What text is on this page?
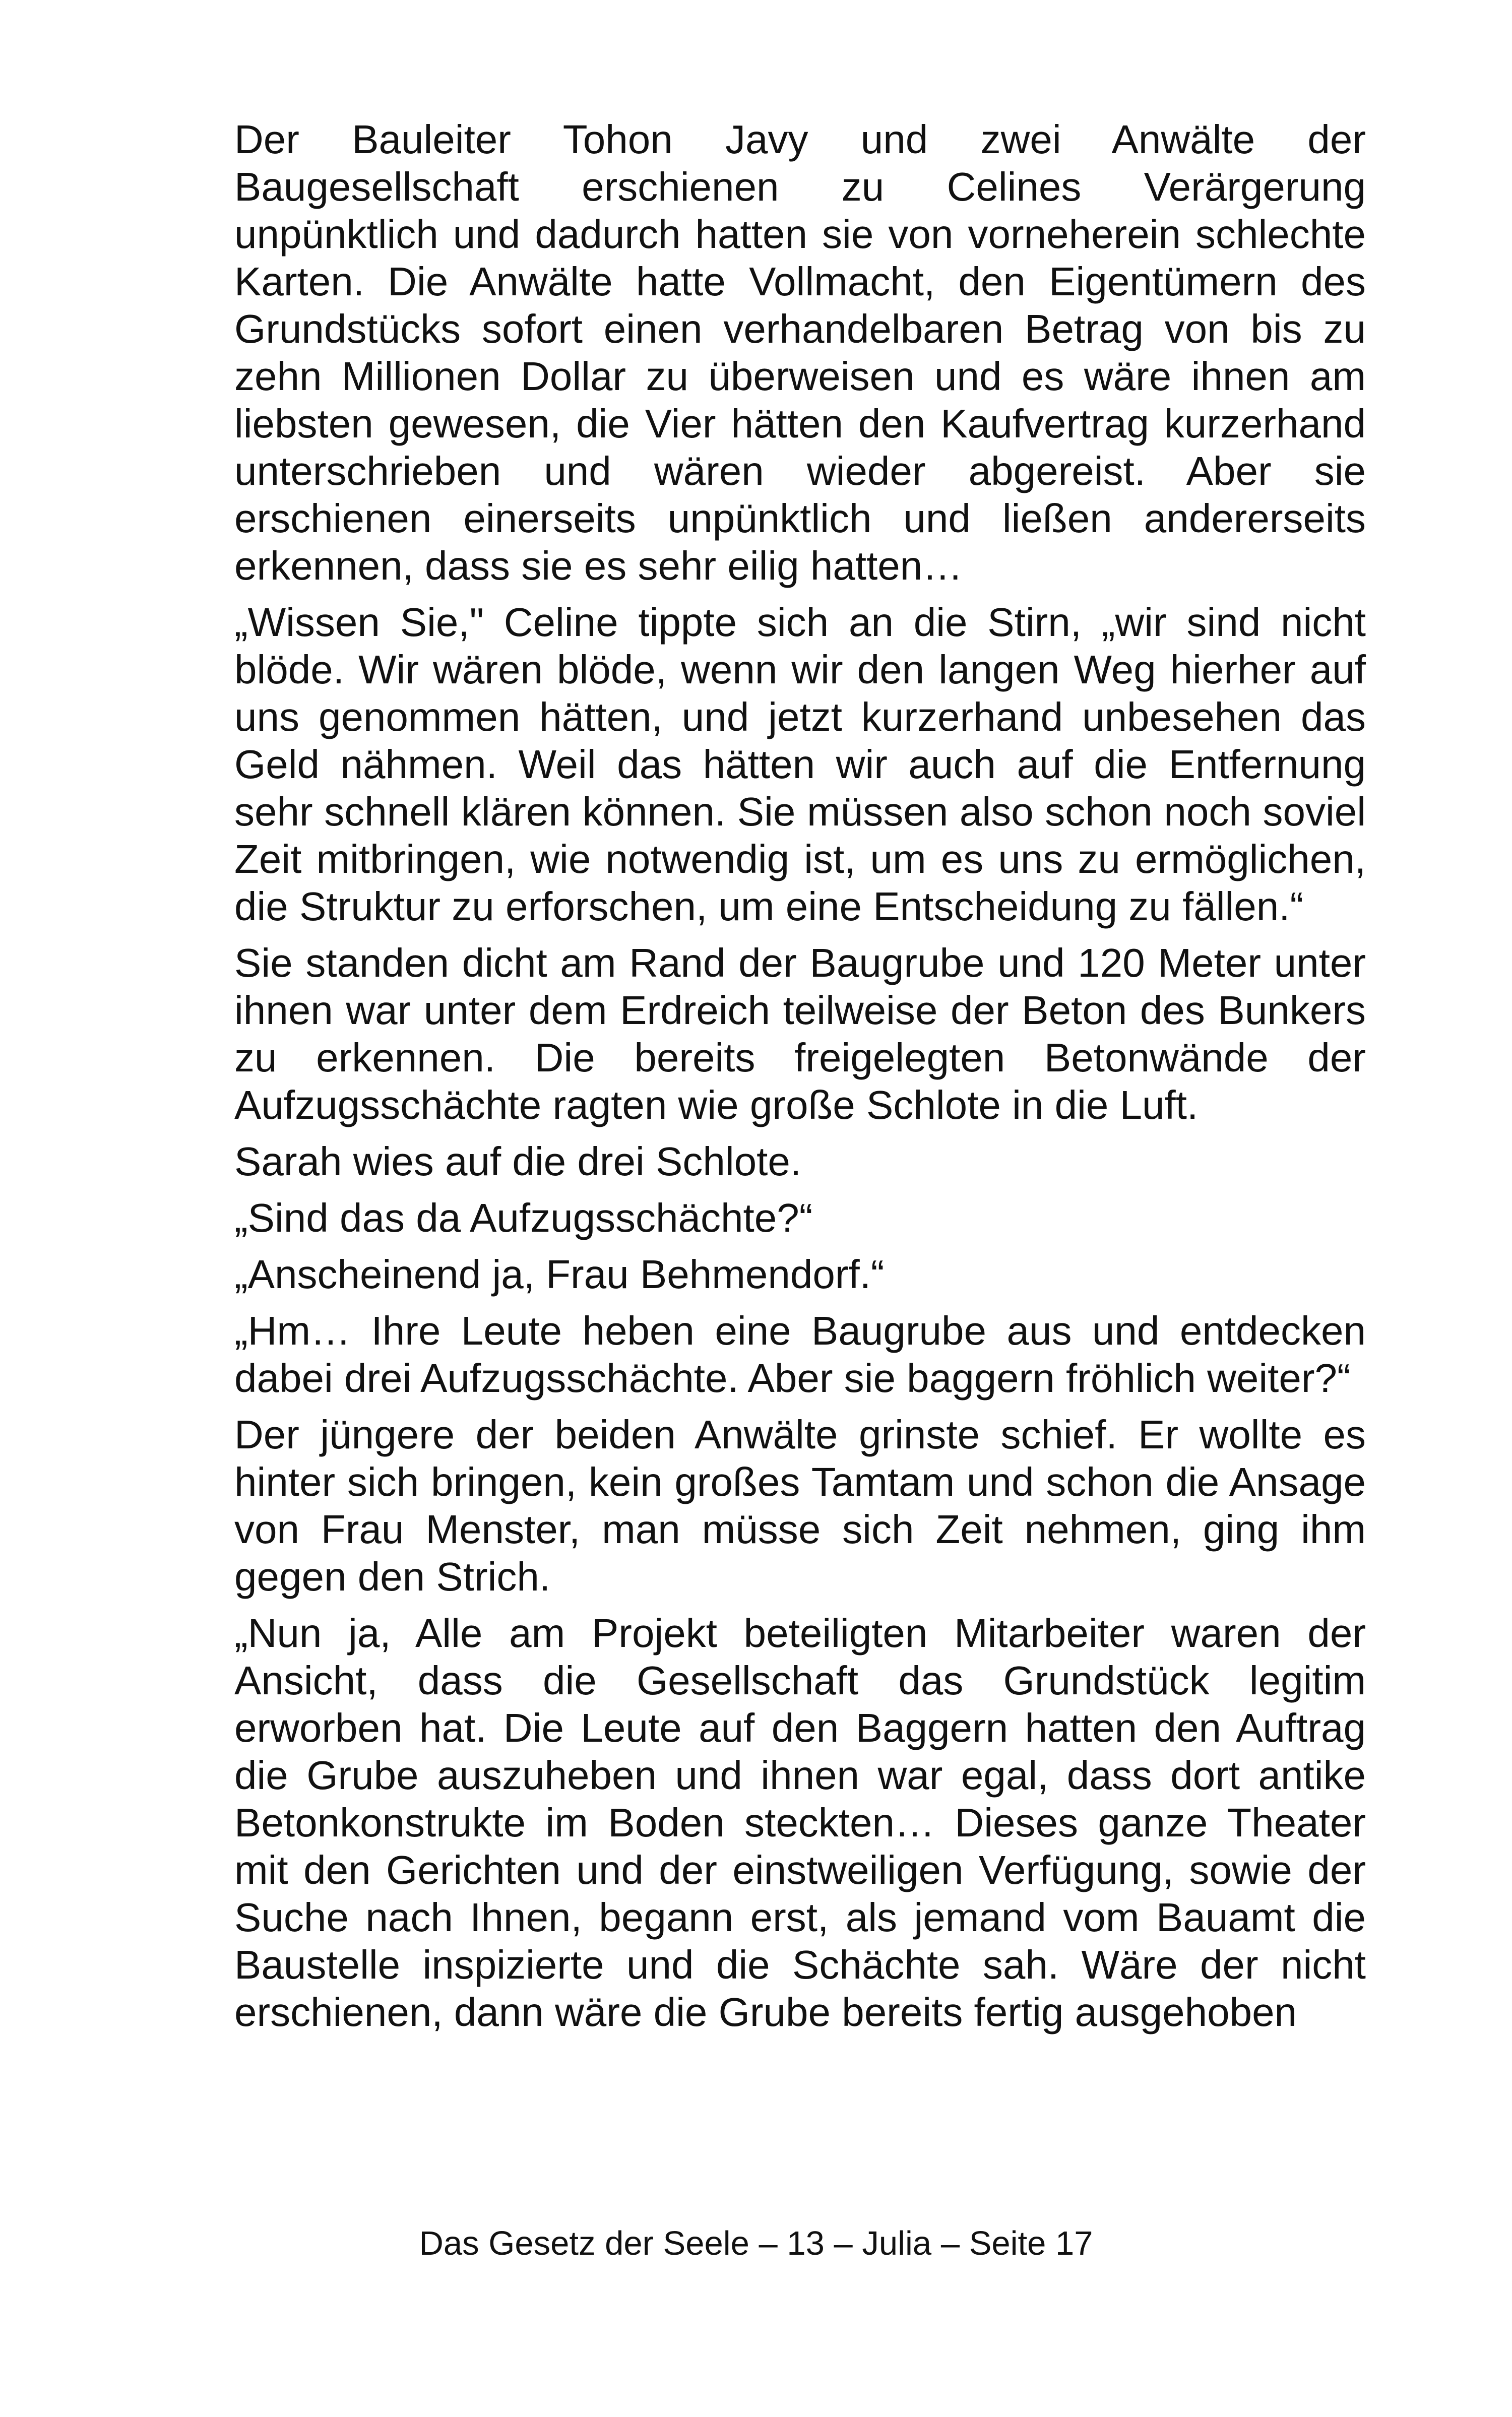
Der Bauleiter Tohon Javy und zwei Anwälte der Baugesellschaft erschienen zu Celines Verärgerung unpünktlich und dadurch hatten sie von vorneherein schlechte Karten. Die Anwälte hatte Vollmacht, den Eigentümern des Grundstücks sofort einen verhandelbaren Betrag von bis zu zehn Millionen Dollar zu überweisen und es wäre ihnen am liebsten gewesen, die Vier hätten den Kaufvertrag kurzerhand unterschrieben und wären wieder abgereist. Aber sie erschienen einerseits unpünktlich und ließen andererseits erkennen, dass sie es sehr eilig hatten…

„Wissen Sie," Celine tippte sich an die Stirn, „wir sind nicht blöde. Wir wären blöde, wenn wir den langen Weg hierher auf uns genommen hätten, und jetzt kurzerhand unbesehen das Geld nähmen. Weil das hätten wir auch auf die Entfernung sehr schnell klären können. Sie müssen also schon noch soviel Zeit mitbringen, wie notwendig ist, um es uns zu ermöglichen, die Struktur zu erforschen, um eine Entscheidung zu fällen.“

Sie standen dicht am Rand der Baugrube und 120 Meter unter ihnen war unter dem Erdreich teilweise der Beton des Bunkers zu erkennen. Die bereits freigelegten Betonwände der Aufzugsschächte ragten wie große Schlote in die Luft.

Sarah wies auf die drei Schlote.

„Sind das da Aufzugsschächte?“

„Anscheinend ja, Frau Behmendorf.“

„Hm… Ihre Leute heben eine Baugrube aus und entdecken dabei drei Aufzugsschächte. Aber sie baggern fröhlich weiter?“

Der jüngere der beiden Anwälte grinste schief. Er wollte es hinter sich bringen, kein großes Tamtam und schon die Ansage von Frau Menster, man müsse sich Zeit nehmen, ging ihm gegen den Strich.

„Nun ja, Alle am Projekt beteiligten Mitarbeiter waren der Ansicht, dass die Gesellschaft das Grundstück legitim erworben hat. Die Leute auf den Baggern hatten den Auftrag die Grube auszuheben und ihnen war egal, dass dort antike Betonkonstrukte im Boden steckten… Dieses ganze Theater mit den Gerichten und der einstweiligen Verfügung, sowie der Suche nach Ihnen, begann erst, als jemand vom Bauamt die Baustelle inspizierte und die Schächte sah. Wäre der nicht erschienen, dann wäre die Grube bereits fertig ausgehoben

Das Gesetz der Seele – 13 – Julia – Seite 17
